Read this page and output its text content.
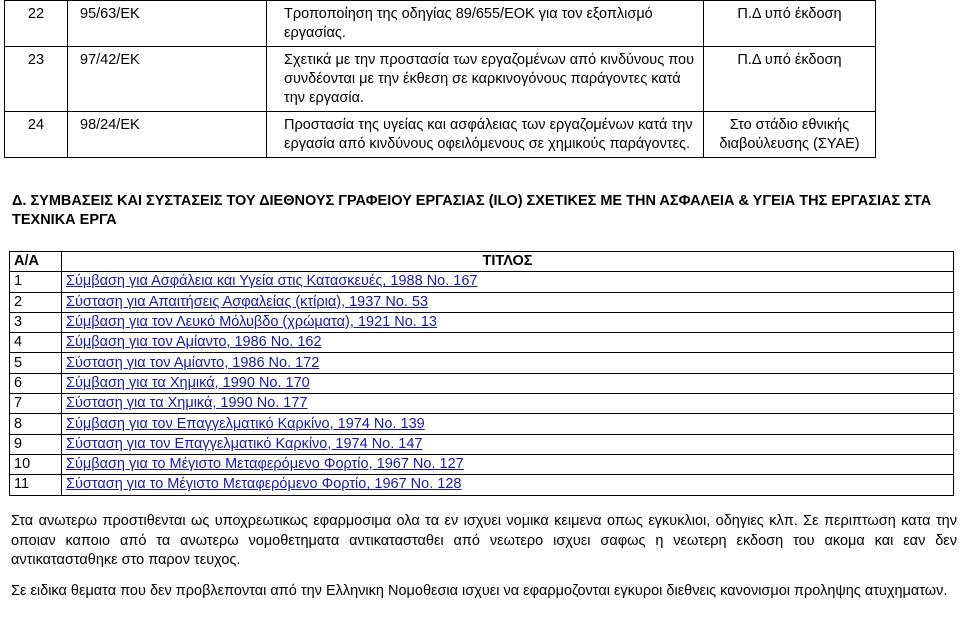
22	95/63/ΕΚ	Τροποποίηση της οδηγίας 89/655/ΕΟΚ για τον εξοπλισμό εργασίας.	Π.Δ υπό έκδοση
23	97/42/ΕΚ	Σχετικά με την προστασία των εργαζομένων από κινδύνους που συνδέονται με την έκθεση σε καρκινογόνους παράγοντες κατά την εργασία.	Π.Δ υπό έκδοση
24	98/24/ΕΚ	Προστασία της υγείας και ασφάλειας των εργαζομένων κατά την εργασία από κινδύνους οφειλόμενους σε χημικούς παράγοντες.	Στο στάδιο εθνικής διαβούλευσης (ΣΥΑΕ)
Δ. ΣΥΜΒΑΣΕΙΣ ΚΑΙ ΣΥΣΤΑΣΕΙΣ ΤΟΥ ΔΙΕΘΝΟΥΣ ΓΡΑΦΕΙΟΥ ΕΡΓΑΣΙΑΣ (ILO) ΣΧΕΤΙΚΕΣ ΜΕ ΤΗΝ ΑΣΦΑΛΕΙΑ & ΥΓΕΙΑ ΤΗΣ ΕΡΓΑΣΙΑΣ ΣΤΑ ΤΕΧΝΙΚΑ ΕΡΓΑ
Α/Α	ΤΙΤΛΟΣ
1	Σύμβαση για Ασφάλεια και Υγεία στις Κατασκευές, 1988 Νο. 167
2	Σύσταση για Απαιτήσεις Ασφαλείας (κτίρια), 1937 Νο. 53
3	Σύμβαση για τον Λευκό Μόλυβδο (χρώματα), 1921 Νο. 13
4	Σύμβαση για τον Αμίαντο, 1986 Νο. 162
5	Σύσταση για τον Αμίαντο, 1986 Νο. 172
6	Σύμβαση για τα Χημικά, 1990 Νο. 170
7	Σύσταση για τα Χημικά, 1990 Νο. 177
8	Σύμβαση για τον Επαγγελματικό Καρκίνο, 1974 Νο. 139
9	Σύσταση για τον Επαγγελματικό Καρκίνο, 1974 Νο. 147
10	Σύμβαση για το Μέγιστο Μεταφερόμενο Φορτίο, 1967 Νο. 127
11	Σύσταση για το Μέγιστο Μεταφερόμενο Φορτίο, 1967 Νο. 128
Στα ανωτερω προστιθενται ως υποχρεωτικως εφαρμοσιμα ολα τα εν ισχυει νομικα κειμενα οπως εγκυκλιοι, οδηγιες κλπ. Σε περιπτωση κατα την οποιαν καποιο από τα ανωτερω νομοθετηματα αντικατασταθει από νεωτερο ισχυει σαφως η νεωτερη εκδοση του ακομα και εαν δεν αντικατασταθηκε στο παρον τευχος.
Σε ειδικα θεματα που δεν προβλεπονται από την Ελληνικη Νομοθεσια ισχυει να εφαρμοζονται εγκυροι διεθνεις κανονισμοι προληψης ατυχηματων.
